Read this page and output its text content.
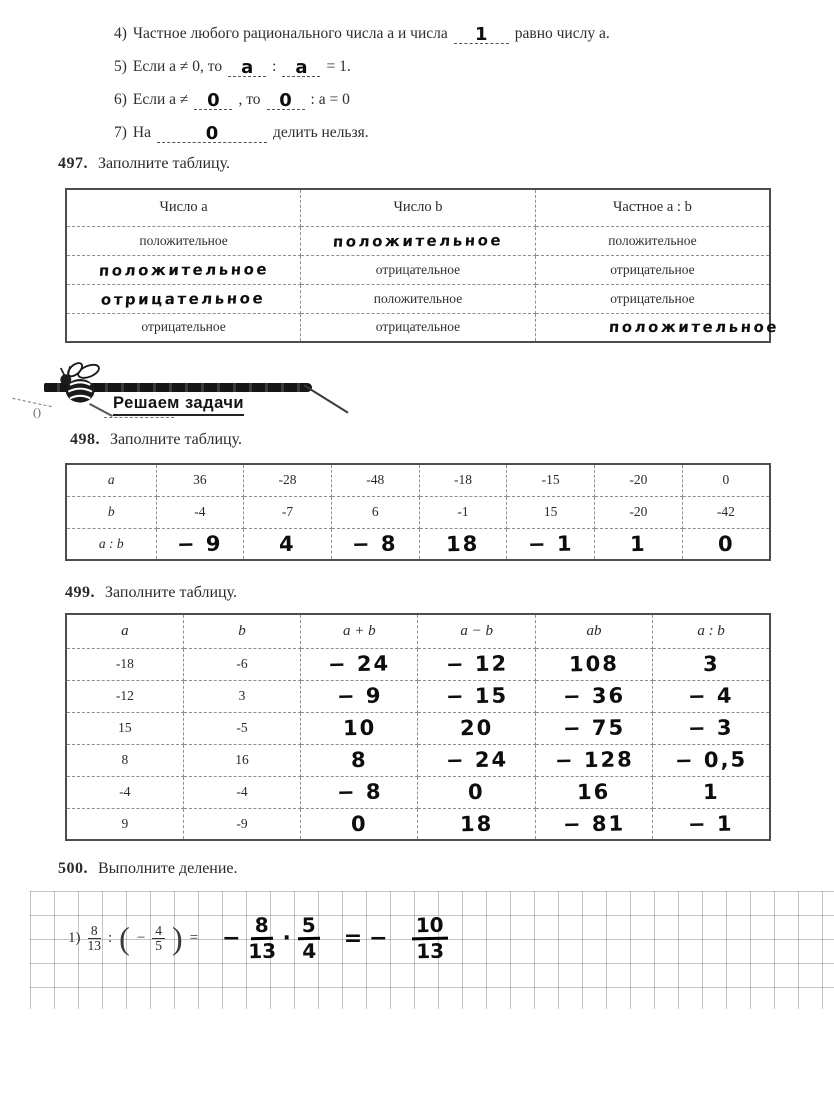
4) Частное любого рационального числа a и числа	1	равно числу a.
5) Если a ≠ 0, то	a	:	a	= 1.
6) Если a ≠	0	, то	0	: a = 0
7) На	0	делить нельзя.
497. Заполните таблицу.
Число a	Число b	Частное a : b
положительное	положительное	положительное
положительное	отрицательное	отрицательное
отрицательное	положительное	отрицательное
отрицательное	отрицательное	положительное
()	Решаем задачи
498. Заполните таблицу.
a	36	-28	-48	-18	-15	-20	0
b	-4	-7	6	-1	15	-20	-42
a : b	− 9	4	− 8	18	− 1	1	0
499. Заполните таблицу.
a	b	a + b	a − b	ab	a : b
-18	-6	− 24	− 12	108	3
-12	3	− 9	− 15	− 36	− 4
15	-5	10	20	− 75	− 3
8	16	8	− 24	− 128	− 0,5
-4	-4	− 8	0	16	1
9	-9	0	18	− 81	− 1
500. Выполните деление.
$1) \frac{8}{13}$ : ( − $\frac{4}{5}$ ) = − $\frac{8}{13} \cdot \frac{5}{4}$ = − $\frac{10}{13}$
